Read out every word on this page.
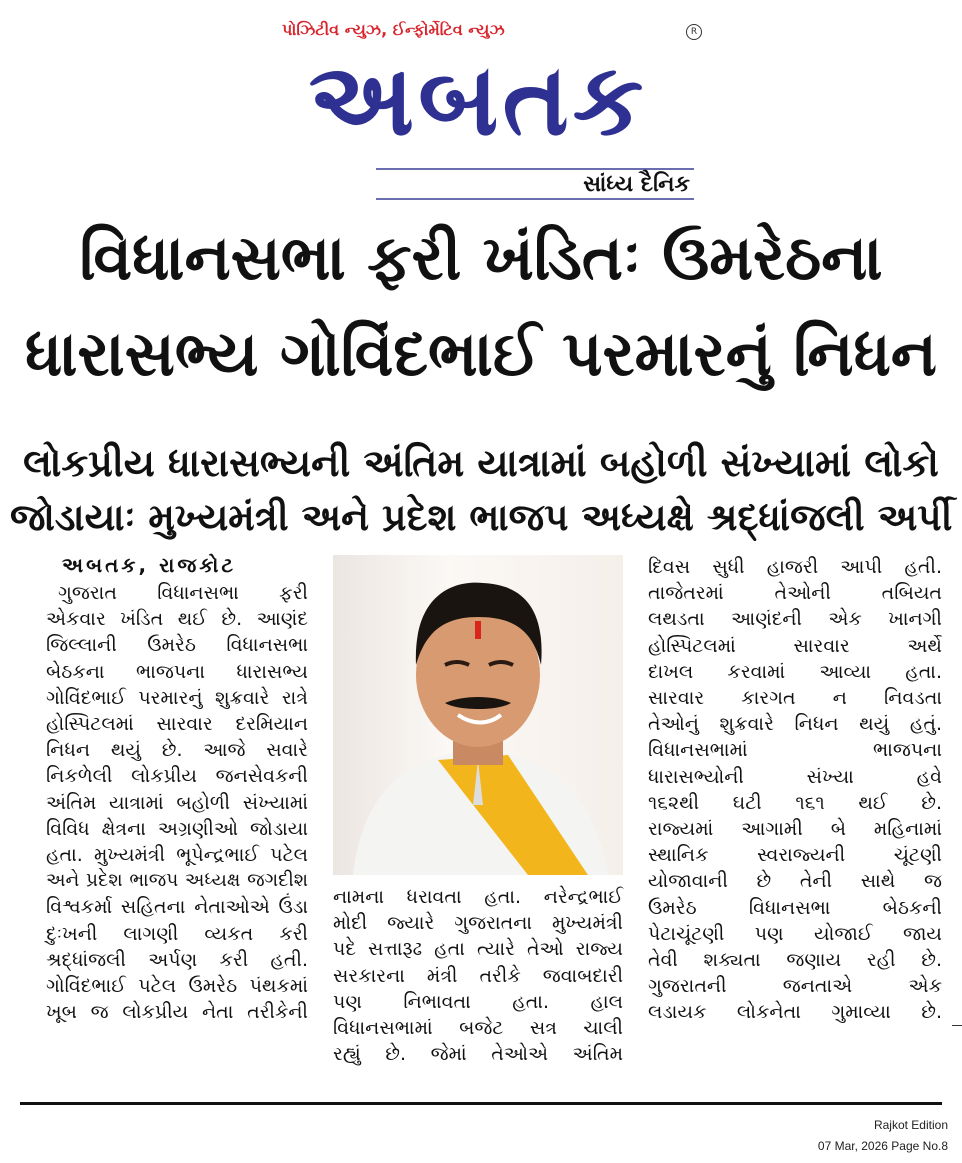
પોઝિટીવ ન્યુઝ, ઈન્ફોર્મેટિવ ન્યુઝ	R
અબતક
સાંધ્ય દૈનિક
વિધાનસભા ફરી ખંડિતઃ ઉમરેઠના
ધારાસભ્ય ગોવિંદભાઈ પરમારનું નિધન
લોકપ્રીય ધારાસભ્યની અંતિમ યાત્રામાં બહોળી સંખ્યામાં લોકો
જોડાયાઃ મુખ્યમંત્રી અને પ્રદેશ ભાજપ અધ્યક્ષે શ્રદ્ધાંજલી અર્પી
અબતક, રાજકોટ
ગુજરાત વિધાનસભા ફરી
એકવાર ખંડિત થઈ છે. આણંદ
જિલ્લાની ઉમરેઠ વિધાનસભા
બેઠકના ભાજપના ધારાસભ્ય
ગોવિંદભાઈ પરમારનું શુક્રવારે રાત્રે
હોસ્પિટલમાં સારવાર દરમિયાન
નિધન થયું છે. આજે સવારે
નિકળેલી લોકપ્રીય જનસેવકની
અંતિમ યાત્રામાં બહોળી સંખ્યામાં
વિવિધ ક્ષેત્રના અગ્રણીઓ જોડાયા
હતા. મુખ્યમંત્રી ભૂપેન્દ્રભાઈ પટેલ
અને પ્રદેશ ભાજપ અધ્યક્ષ જગદીશ
વિશ્વકર્મા સહિતના નેતાઓએ ઉંડા
દુઃખની લાગણી વ્યકત કરી
શ્રદ્ધાંજલી અર્પણ કરી હતી.
ગોવિંદભાઈ પટેલ ઉમરેઠ પંથકમાં
ખૂબ જ લોકપ્રીય નેતા તરીકેની
નામના ધરાવતા હતા. નરેન્દ્રભાઈ
મોદી જ્યારે ગુજરાતના મુખ્યમંત્રી
પદે સત્તારૂઢ હતા ત્યારે તેઓ રાજ્ય
સરકારના મંત્રી તરીકે જવાબદારી
પણ નિભાવતા હતા. હાલ
વિધાનસભામાં બજેટ સત્ર ચાલી
રહ્યું છે. જેમાં તેઓએ અંતિમ
દિવસ સુધી હાજરી આપી હતી.
તાજેતરમાં તેઓની તબિયત
લથડતા આણંદની એક ખાનગી
હોસ્પિટલમાં સારવાર અર્થે
દાખલ કરવામાં આવ્યા હતા.
સારવાર કારગત ન નિવડતા
તેઓનું શુક્રવારે નિધન થયું હતું.
વિધાનસભામાં ભાજપના
ધારાસભ્યોની સંખ્યા હવે
૧૬૨થી ઘટી ૧૬૧ થઈ છે.
રાજ્યમાં આગામી બે મહિનામાં
સ્થાનિક સ્વરાજ્યની ચૂંટણી
યોજાવાની છે તેની સાથે જ
ઉમરેઠ વિધાનસભા બેઠકની
પેટાચૂંટણી પણ યોજાઈ જાય
તેવી શક્યતા જણાય રહી છે.
ગુજરાતની જનતાએ એક
લડાયક લોકનેતા ગુમાવ્યા છે.
Rajkot Edition
07 Mar, 2026 Page No.8
